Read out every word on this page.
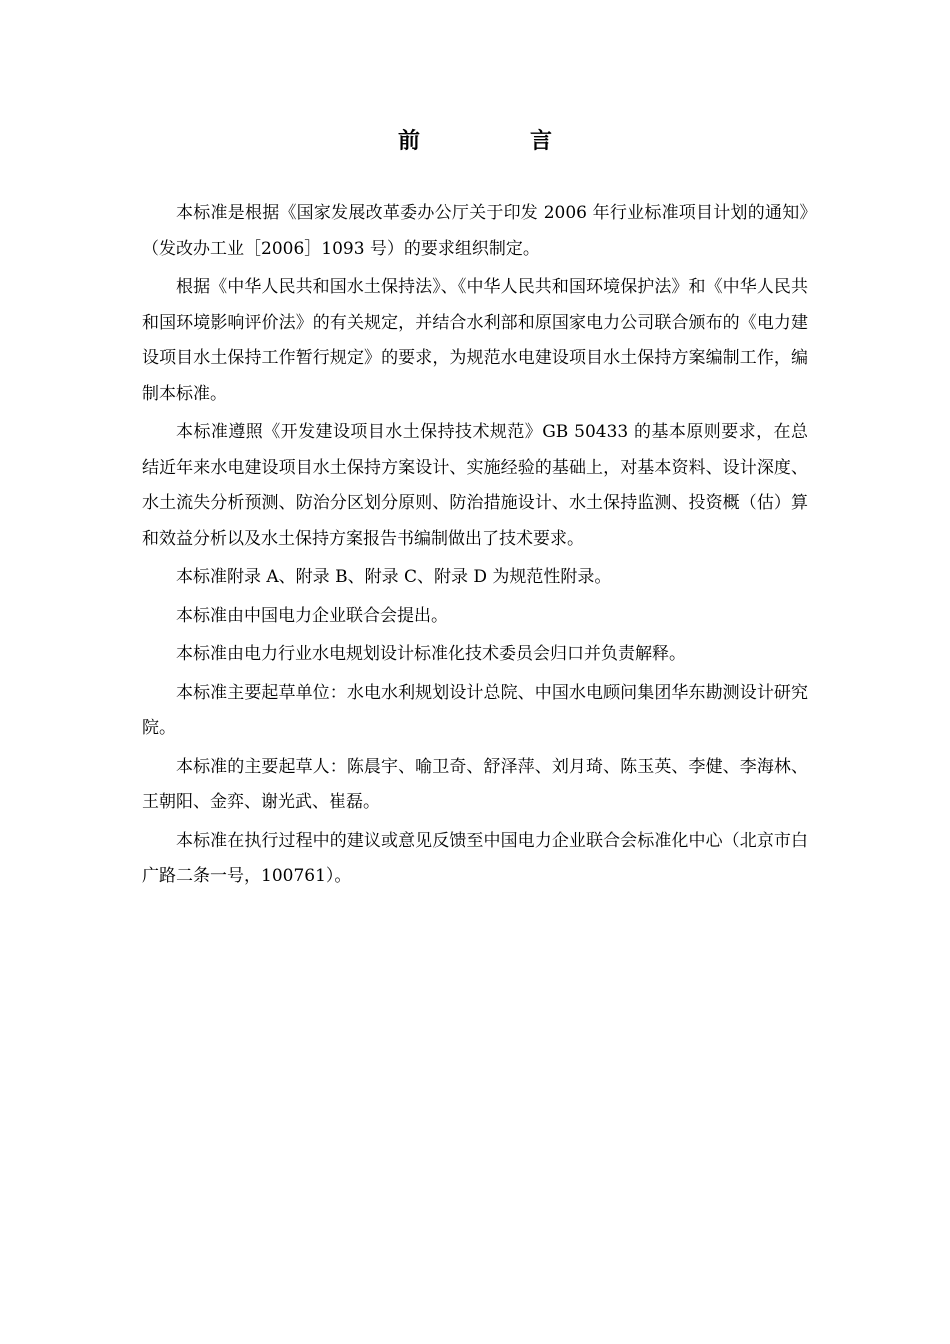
前　言

本标准是根据《国家发展改革委办公厅关于印发 2006 年行业标准项目计划的通知》（发改办工业［2006］1093 号）的要求组织制定。

根据《中华人民共和国水土保持法》、《中华人民共和国环境保护法》和《中华人民共和国环境影响评价法》的有关规定，并结合水利部和原国家电力公司联合颁布的《电力建设项目水土保持工作暂行规定》的要求，为规范水电建设项目水土保持方案编制工作，编制本标准。

本标准遵照《开发建设项目水土保持技术规范》GB 50433 的基本原则要求，在总结近年来水电建设项目水土保持方案设计、实施经验的基础上，对基本资料、设计深度、水土流失分析预测、防治分区划分原则、防治措施设计、水土保持监测、投资概（估）算和效益分析以及水土保持方案报告书编制做出了技术要求。

本标准附录 A、附录 B、附录 C、附录 D 为规范性附录。

本标准由中国电力企业联合会提出。

本标准由电力行业水电规划设计标准化技术委员会归口并负责解释。

本标准主要起草单位：水电水利规划设计总院、中国水电顾问集团华东勘测设计研究院。

本标准的主要起草人：陈晨宇、喻卫奇、舒泽萍、刘月琦、陈玉英、李健、李海林、王朝阳、金弈、谢光武、崔磊。

本标准在执行过程中的建议或意见反馈至中国电力企业联合会标准化中心（北京市白广路二条一号，100761）。
